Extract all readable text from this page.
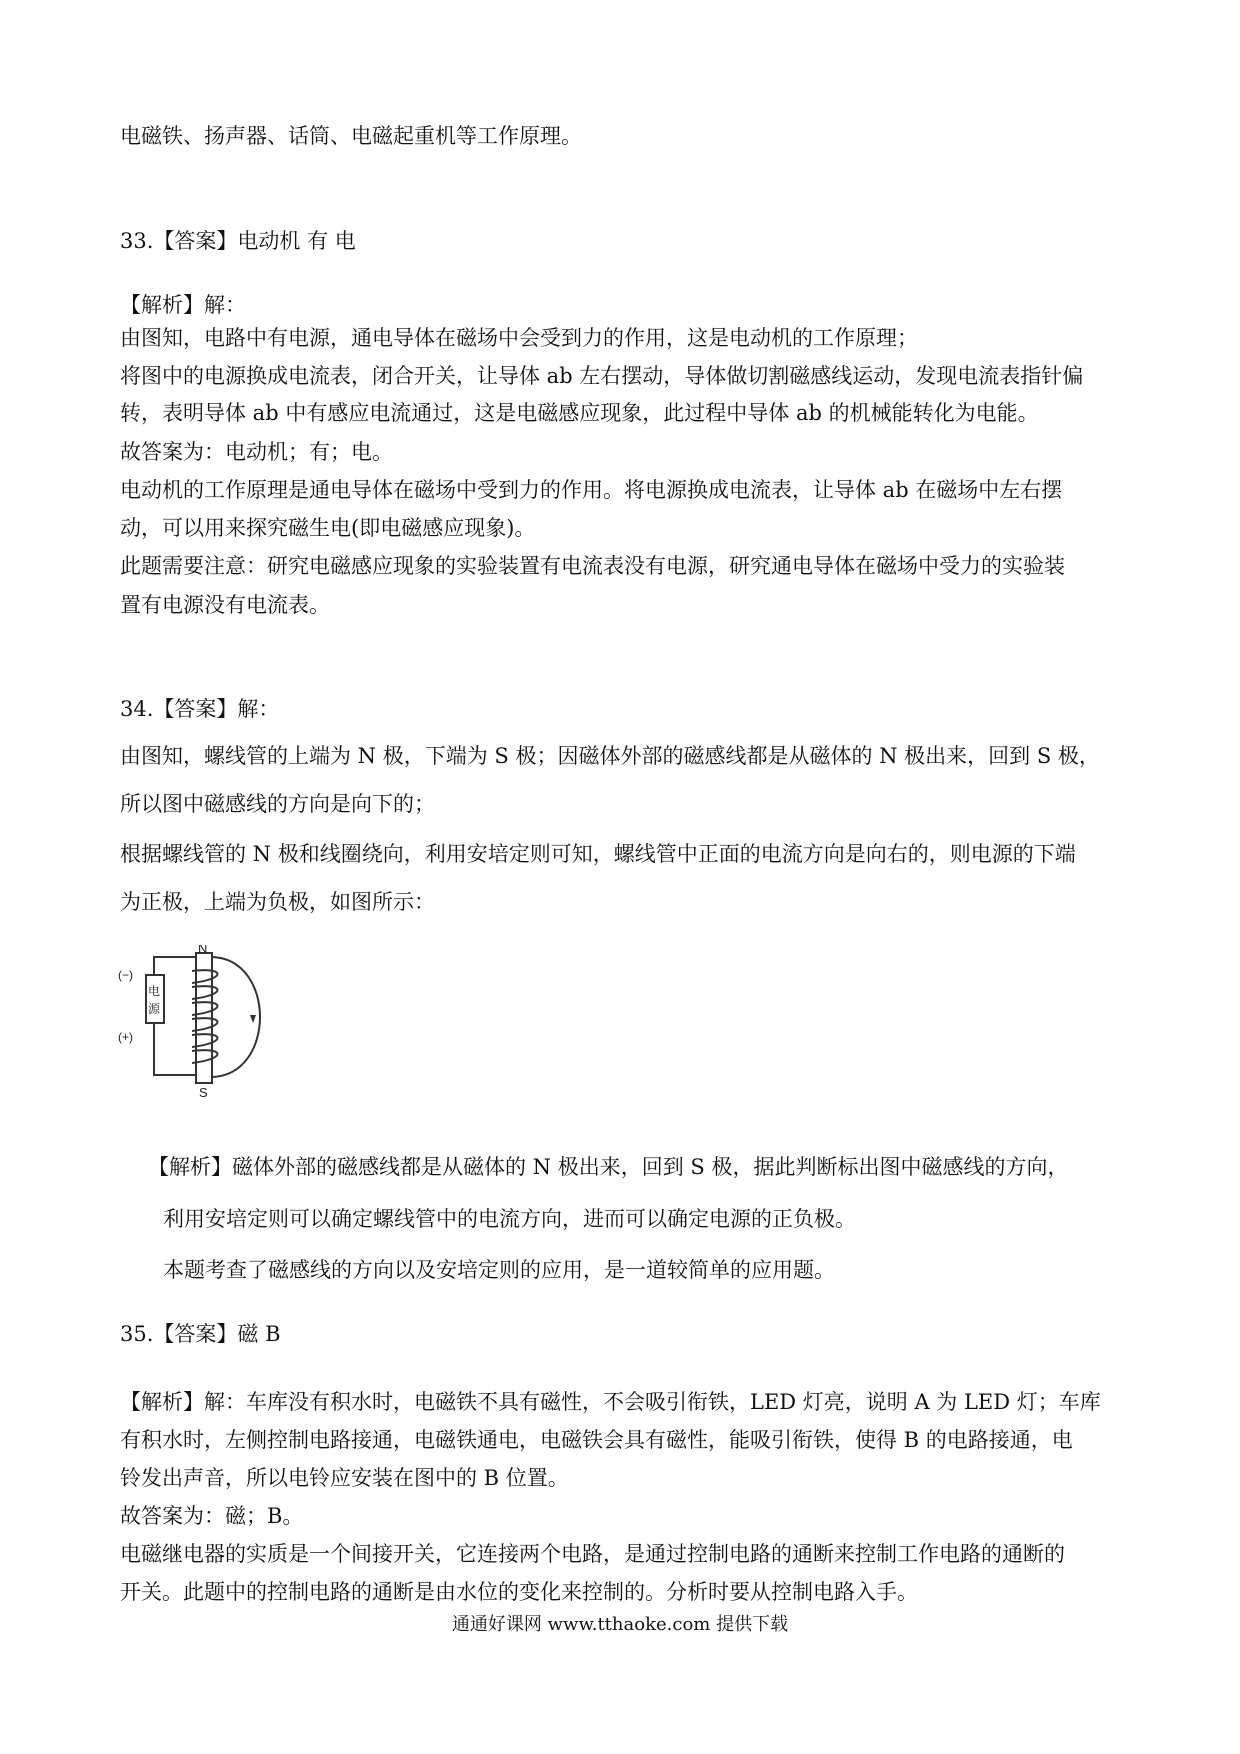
电磁铁、扬声器、话筒、电磁起重机等工作原理。
33.【答案】电动机 有 电
【解析】解：
由图知，电路中有电源，通电导体在磁场中会受到力的作用，这是电动机的工作原理；
将图中的电源换成电流表，闭合开关，让导体 ab 左右摆动，导体做切割磁感线运动，发现电流表指针偏
转，表明导体 ab 中有感应电流通过，这是电磁感应现象，此过程中导体 ab 的机械能转化为电能。
故答案为：电动机；有；电。
电动机的工作原理是通电导体在磁场中受到力的作用。将电源换成电流表，让导体 ab 在磁场中左右摆
动，可以用来探究磁生电(即电磁感应现象)。
此题需要注意：研究电磁感应现象的实验装置有电流表没有电源，研究通电导体在磁场中受力的实验装
置有电源没有电流表。
34.【答案】解：
由图知，螺线管的上端为 N 极，下端为 S 极；因磁体外部的磁感线都是从磁体的 N 极出来，回到 S 极，
所以图中磁感线的方向是向下的；
根据螺线管的 N 极和线圈绕向，利用安培定则可知，螺线管中正面的电流方向是向右的，则电源的下端
为正极，上端为负极，如图所示：
N
S
(−)
(+)
电
源
【解析】磁体外部的磁感线都是从磁体的 N 极出来，回到 S 极，据此判断标出图中磁感线的方向，
利用安培定则可以确定螺线管中的电流方向，进而可以确定电源的正负极。
本题考查了磁感线的方向以及安培定则的应用，是一道较简单的应用题。
35.【答案】磁 B
【解析】解：车库没有积水时，电磁铁不具有磁性，不会吸引衔铁，LED 灯亮，说明 A 为 LED 灯；车库
有积水时，左侧控制电路接通，电磁铁通电，电磁铁会具有磁性，能吸引衔铁，使得 B 的电路接通，电
铃发出声音，所以电铃应安装在图中的 B 位置。
故答案为：磁；B。
电磁继电器的实质是一个间接开关，它连接两个电路，是通过控制电路的通断来控制工作电路的通断的
开关。此题中的控制电路的通断是由水位的变化来控制的。分析时要从控制电路入手。
通通好课网 www.tthaoke.com 提供下载
